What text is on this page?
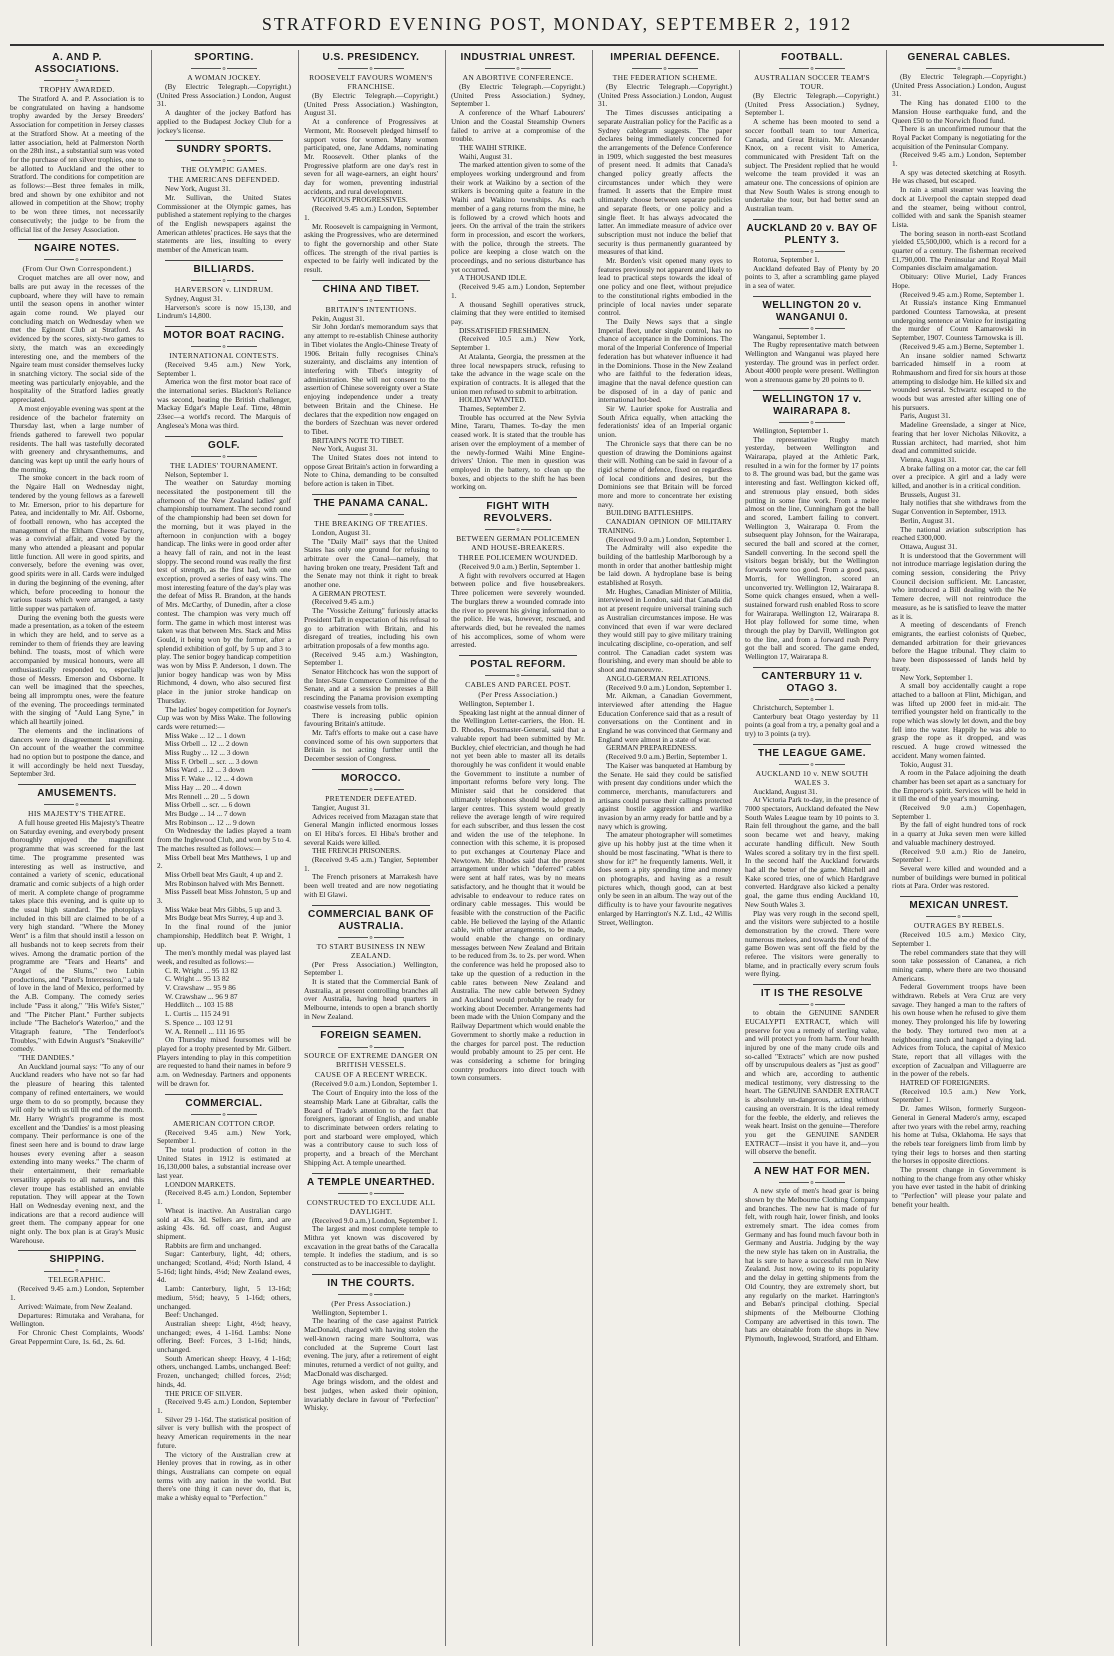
STRATFORD EVENING POST, MONDAY, SEPTEMBER 2, 1912
A. AND P. ASSOCIATIONS.
o
TROPHY AWARDED.

The Stratford A. and P. Association is to be congratulated on having a handsome trophy awarded by the Jersey Breeders' Association for competition in Jersey classes at the Stratford Show. At a meeting of the latter association, held at Palmerston North on the 28th inst., a substantial sum was voted for the purchase of ten silver trophies, one to be allotted to Auckland and the other to Stratford. The conditions for competition are as follows:—Best three females in milk, bred and shown by one exhibitor and not allowed in competition at the Show; trophy to be won three times, not necessarily consecutively; the judge to be from the official list of the Jersey Association.

NGAIRE NOTES.
o
(From Our Own Correspondent.)

Croquet matches are all over now, and balls are put away in the recesses of the cupboard, where they will have to remain until the season opens in another winter again come round. We played our concluding match on Wednesday when we met the Eginont Club at Stratford. As evidenced by the scores, sixty-two games to sixty, the match was an exceedingly interesting one, and the members of the Ngaire team must consider themselves lucky in snatching victory. The social side of the meeting was particularly enjoyable, and the hospitality of the Stratford ladies greatly appreciated.

A most enjoyable evening was spent at the residence of the bachelor fraternity on Thursday last, when a large number of friends gathered to farewell two popular residents. The hall was tastefully decorated with greenery and chrysanthemums, and dancing was kept up until the early hours of the morning.

The smoke concert in the back room of the Ngaire Hall on Wednesday night, tendered by the young fellows as a farewell to Mr. Emerson, prior to his departure for Patea, and incidentally to Mr. Alf. Osborne, of football renown, who has accepted the management of the Eltham Cheese Factory, was a convivial affair, and voted by the many who attended a pleasant and popular little function. All were in good spirits, and conversely, before the evening was over, good spirits were in all. Cards were indulged in during the beginning of the evening, after which, before proceeding to honour the various toasts which were arranged, a tasty little supper was partaken of.

During the evening both the guests were made a presentation, as a token of the esteem in which they are held, and to serve as a reminder to them of friends they are leaving behind. The toasts, most of which were accompanied by musical honours, were all enthusiastically responded to, especially those of Messrs. Emerson and Osborne. It can well be imagined that the speeches, being all impromptu ones, were the feature of the evening. The proceedings terminated with the singing of "Auld Lang Syne," in which all heartily joined.

The elements and the inclinations of dancers were in disagreement last evening. On account of the weather the committee had no option but to postpone the dance, and it will accordingly be held next Tuesday, September 3rd.

AMUSEMENTS.
o
HIS MAJESTY'S THEATRE.

A full house greeted His Majesty's Theatre on Saturday evening, and everybody present thoroughly enjoyed the magnificent programme that was screened for the last time. The programme presented was interesting as well as instructive, and contained a variety of scenic, educational dramatic and comic subjects of a high order of merit. A complete change of programme takes place this evening, and is quite up to the usual high standard. The photoplays included in this bill are claimed to be of a very high standard. "Where the Money Went" is a film that should instil a lesson on all husbands not to keep secrets from their wives. Among the dramatic portion of the programme are "Tears and Hearts" and "Angel of the Slums," two Lubin productions, and "Patel's Intercession," a tale of love in the land of Mexico, performed by the A.B. Company. The comedy series include "Pass it along," "His Wife's Sister," and "The Pitcher Plant." Further subjects include "The Bachelor's Waterloo," and the Vitagraph feature, "The Tenderfoot's Troubles," with Edwin August's "Snakeville" comedy.

"THE DANDIES."

An Auckland journal says: "To any of our Auckland readers who have not so far had the pleasure of hearing this talented company of refined entertainers, we would urge them to do so promptly, because they will only be with us till the end of the month. Mr. Harry Wright's programme is most excellent and the 'Dandies' is a most pleasing company. Their performance is one of the finest seen here and is bound to draw large houses every evening after a season extending into many weeks." The charm of their entertainment, their remarkable versatility appeals to all natures, and this clever troupe has established an enviable reputation. They will appear at the Town Hall on Wednesday evening next, and the indications are that a record audience will greet them. The company appear for one night only. The box plan is at Gray's Music Warehouse.

SHIPPING.
o
TELEGRAPHIC.

(Received 9.45 a.m.) London, September 1.

Arrived: Waimate, from New Zealand.

Departures: Rimutaka and Verahana, for Wellington.

For Chronic Chest Complaints, Woods' Great Peppermint Cure, 1s. 6d., 2s. 6d.

SPORTING.
o
A WOMAN JOCKEY.

(By Electric Telegraph.—Copyright.) (United Press Association.) London, August 31.

A daughter of the jockey Batford has applied to the Budapest Jockey Club for a jockey's license.

SUNDRY SPORTS.
o
THE OLYMPIC GAMES.
THE AMERICANS DEFENDED.

New York, August 31.

Mr. Sullivan, the United States Commissioner at the Olympic games, has published a statement replying to the charges of the English newspapers against the American athletes' practices. He says that the statements are lies, insulting to every member of the American team.

BILLIARDS.
o
HARVERSON v. LINDRUM.

Sydney, August 31.

Harverson's score is now 15,130, and Lindrum's 14,800.

MOTOR BOAT RACING.
o
INTERNATIONAL CONTESTS.

(Received 9.45 a.m.) New York, September 1.

America won the first motor boat race of the international series. Blackton's Reliance was second, beating the British challenger, Mackay Edgar's Maple Leaf. Time, 48min 23sec—a world's record. The Marquis of Anglesea's Mona was third.

GOLF.
o
THE LADIES' TOURNAMENT.

Nelson, September 1.

The weather on Saturday morning necessitated the postponement till the afternoon of the New Zealand ladies' golf championship tournament. The second round of the championship had been set down for the morning, but it was played in the afternoon in conjunction with a bogey handicap. The links were in good order after a heavy fall of rain, and not in the least sloppy. The second round was really the first test of strength, as the first had, with one exception, proved a series of easy wins. The most interesting feature of the day's play was the defeat of Miss R. Brandon, at the hands of Mrs. McCarthy, of Dunedin, after a close contest. The champion was very much off form. The game in which most interest was taken was that between Mrs. Stack and Miss Gould, it being won by the former, after a splendid exhibition of golf, by 5 up and 3 to play. The senior bogey handicap competition was won by Miss P. Anderson, 1 down. The junior bogey handicap was won by Miss Richmond, 4 down, who also secured first place in the junior stroke handicap on Thursday.

The ladies' bogey competition for Joyner's Cup was won by Miss Wake. The following cards were returned:—

Miss Wake ... 12 ... 1 down

Miss Orbell ... 12 ... 2 down

Miss Rugby ... 12 ... 3 down

Miss F. Orbell ... scr. ... 3 down

Miss Ward ... 12 ... 3 down

Miss F. Wake ... 12 ... 4 down

Miss Hay ... 20 ... 4 down

Mrs Rennell ... 20 ... 5 down

Miss Orbell ... scr. ... 6 down

Mrs Budge ... 14 ... 7 down

Mrs Robinson ... 12 ... 9 down

On Wednesday the ladies played a team from the Inglewood Club, and won by 5 to 4. The matches resulted as follows:—

Miss Orbell beat Mrs Matthews, 1 up and 2.

Miss Orbell beat Mrs Gault, 4 up and 2.

Mrs Robinson halved with Mrs Bennett.

Miss Passell beat Miss Johnston, 5 up and 3.

Miss Wake beat Mrs Gibbs, 5 up and 3.

Mrs Budge beat Mrs Surrey, 4 up and 3.

In the final round of the junior championship, Heddlitch beat P. Wright, 1 up.

The men's monthly medal was played last week, and resulted as follows:—

C. R. Wright ... 95 13 82

C. Wright ... 95 13 82

V. Crawshaw ... 95 9 86

W. Crawshaw ... 96 9 87

Heddlitch ... 103 15 88

L. Curtis ... 115 24 91

S. Spence ... 103 12 91

W. A. Rennell ... 111 16 95

On Thursday mixed foursomes will be played for a trophy presented by Mr. Gilbert. Players intending to play in this competition are requested to hand their names in before 9 a.m. on Wednesday. Partners and opponents will be drawn for.

COMMERCIAL.
o
AMERICAN COTTON CROP.

(Received 9.45 a.m.) New York, September 1.

The total production of cotton in the United States in 1912 is estimated at 16,130,000 bales, a substantial increase over last year.

LONDON MARKETS.

(Received 8.45 a.m.) London, September 1.

Wheat is inactive. An Australian cargo sold at 43s. 3d. Sellers are firm, and are asking 43s. 6d. off coast, and August shipment.

Rabbits are firm and unchanged.

Sugar: Canterbury, light, 4d; others, unchanged; Scotland, 4½d; North Island, 4 5-16d; light hinds, 4½d; New Zealand ewes, 4d.

Lamb: Canterbury, light, 5 13-16d; medium, 5½d; heavy, 5 1-16d; others, unchanged.

Beef: Unchanged.

Australian sheep: Light, 4½d; heavy, unchanged; ewes, 4 1-16d. Lambs: None offering. Beef: Forces, 3 1-16d; hinds, unchanged.

South American sheep: Heavy, 4 1-16d; others, unchanged. Lambs, unchanged. Beef: Frozen, unchanged; chilled forces, 2½d; hinds, 4d.

THE PRICE OF SILVER.

(Received 9.45 a.m.) London, September 1.

Silver 29 1-16d. The statistical position of silver is very bullish with the prospect of heavy American requirements in the near future.

The victory of the Australian crew at Henley proves that in rowing, as in other things, Australians can compete on equal terms with any nation in the world. But there's one thing it can never do, that is, make a whisky equal to "Perfection."

U.S. PRESIDENCY.
o
ROOSEVELT FAVOURS WOMEN'S FRANCHISE.

(By Electric Telegraph.—Copyright.) (United Press Association.) Washington, August 31.

At a conference of Progressives at Vermont, Mr. Roosevelt pledged himself to support votes for women. Many women participated, one, Jane Addams, nominating Mr. Roosevelt. Other planks of the Progressive platform are one day's rest in seven for all wage-earners, an eight hours' day for women, preventing industrial accidents, and rural development.

VIGOROUS PROGRESSIVES.

(Received 9.45 a.m.) London, September 1.

Mr. Roosevelt is campaigning in Vermont, asking the Progressives, who are determined to fight the governorship and other State offices. The strength of the rival parties is expected to be fairly well indicated by the result.

CHINA AND TIBET.
o
BRITAIN'S INTENTIONS.

Pekin, August 31.

Sir John Jordan's memorandum says that any attempt to re-establish Chinese authority in Tibet violates the Anglo-Chinese Treaty of 1906. Britain fully recognises China's suzerainty, and disclaims any intention of interfering with Tibet's integrity of administration. She will not consent to the assertion of Chinese sovereignty over a State enjoying independence under a treaty between Britain and the Chinese. He declares that the expedition now engaged on the borders of Szechuan was never ordered to Tibet.

BRITAIN'S NOTE TO TIBET.

New York, August 31.

The United States does not intend to oppose Great Britain's action in forwarding a Note to China, demanding to be consulted before action is taken in Tibet.

THE PANAMA CANAL.
o
THE BREAKING OF TREATIES.

London, August 31.

The "Daily Mail" says that the United States has only one ground for refusing to arbitrate over the Canal—namely, that having broken one treaty, President Taft and the Senate may not think it right to break another one.

A GERMAN PROTEST.

(Received 9.45 a.m.)

The "Vossiche Zeitung" furiously attacks President Taft in expectation of his refusal to go to arbitration with Britain, and his disregard of treaties, including his own arbitration proposals of a few months ago.

(Received 9.45 a.m.) Washington, September 1.

Senator Hitchcock has won the support of the Inter-State Commerce Committee of the Senate, and at a session he presses a Bill rescinding the Panama provision exempting coastwise vessels from tolls.

There is increasing public opinion favouring Britain's attitude.

Mr. Taft's efforts to make out a case have convinced some of his own supporters that Britain is not acting further until the December session of Congress.

MOROCCO.
o
PRETENDER DEFEATED.

Tangier, August 31.

Advices received from Mazagan state that General Mangin inflicted enormous losses on El Hiba's forces. El Hiba's brother and several Kaids were killed.

THE FRENCH PRISONERS.

(Received 9.45 a.m.) Tangier, September 1.

The French prisoners at Marrakesh have been well treated and are now negotiating with El Glawi.

COMMERCIAL BANK OF AUSTRALIA.
o
TO START BUSINESS IN NEW ZEALAND.

(Per Press Association.) Wellington, September 1.

It is stated that the Commercial Bank of Australia, at present controlling branches all over Australia, having head quarters in Melbourne, intends to open a branch shortly in New Zealand.

FOREIGN SEAMEN.
o
SOURCE OF EXTREME DANGER ON BRITISH VESSELS.
CAUSE OF A RECENT WRECK.

(Received 9.0 a.m.) London, September 1.

The Court of Enquiry into the loss of the steamship Mark Lane at Gibraltar, calls the Board of Trade's attention to the fact that foreigners, ignorant of English, and unable to discriminate between orders relating to port and starboard were employed, which was a contributory cause to such loss of property, and a breach of the Merchant Shipping Act. A temple unearthed.

A TEMPLE UNEARTHED.
o
CONSTRUCTED TO EXCLUDE ALL DAYLIGHT.

(Received 9.0 a.m.) London, September 1.

The largest and most complete temple to Mithra yet known was discovered by excavation in the great baths of the Caracalla temple. It indefies the stadium, and is so constructed as to be inaccessible to daylight.

IN THE COURTS.
o
(Per Press Association.)

Wellington, September 1.

The hearing of the case against Patrick MacDonald, charged with having stolen the well-known racing mare Soultorra, was concluded at the Supreme Court last evening. The jury, after a retirement of eight minutes, returned a verdict of not guilty, and MacDonald was discharged.

Age brings wisdom, and the oldest and best judges, when asked their opinion, invariably declare in favour of "Perfection" Whisky.

INDUSTRIAL UNREST.
o
AN ABORTIVE CONFERENCE.

(By Electric Telegraph.—Copyright.) (United Press Association.) Sydney, September 1.

A conference of the Wharf Labourers' Union and the Coastal Steamship Owners failed to arrive at a compromise of the trouble.

THE WAIHI STRIKE.

Waihi, August 31.

The marked attention given to some of the employees working underground and from their work at Waikino by a section of the strikers is becoming quite a feature in the Waihi and Waikino townships. As each member of a gang returns from the mine, he is followed by a crowd which hoots and jeers. On the arrival of the train the strikers form in procession, and escort the workers, with the police, through the streets. The police are keeping a close watch on the proceedings, and no serious disturbance has yet occurred.

A THOUSAND IDLE.

(Received 9.45 a.m.) London, September 1.

A thousand Seghill operatives struck, claiming that they were entitled to itemised pay.

DISSATISFIED FRESHMEN.

(Received 10.5 a.m.) New York, September 1.

At Atalanta, Georgia, the pressmen at the three local newspapers struck, refusing to take the advance in the wage scale on the expiration of contracts. It is alleged that the union men refused to submit to arbitration.

HOLIDAY WANTED.

Thames, September 2.

Trouble has occurred at the New Sylvia Mine, Tararu, Thames. To-day the men ceased work. It is stated that the trouble has arisen over the employment of a member of the newly-formed Waihi Mine Engine-drivers' Union. The men in question was employed in the battery, to clean up the boxes, and objects to the shift he has been working on.

FIGHT WITH REVOLVERS.
o
BETWEEN GERMAN POLICEMEN AND HOUSE-BREAKERS.
THREE POLICEMEN WOUNDED.

(Received 9.0 a.m.) Berlin, September 1.

A fight with revolvers occurred at Hagen between police and five housebreakers. Three policemen were severely wounded. The burglars threw a wounded comrade into the river to prevent his giving information to the police. He was, however, rescued, and afterwards died, but he revealed the names of his accomplices, some of whom were arrested.

POSTAL REFORM.
o
CABLES AND PARCEL POST.
(Per Press Association.)

Wellington, September 1.

Speaking last night at the annual dinner of the Wellington Letter-carriers, the Hon. H. D. Rhodes, Postmaster-General, said that a valuable report had been submitted by Mr. Buckley, chief electrician, and though he had not yet been able to master all its details thoroughly he was confident it would enable the Government to institute a number of important reforms before very long. The Minister said that he considered that ultimately telephones should be adopted in larger centres. This system would greatly relieve the average length of wire required for each subscriber, and thus lessen the cost and widen the use of the telephone. In connection with this scheme, it is proposed to put exchanges at Courtenay Place and Newtown. Mr. Rhodes said that the present arrangement under which "deferred" cables were sent at half rates, was by no means satisfactory, and he thought that it would be advisable to endeavour to reduce rates on ordinary cable messages. This would be feasible with the construction of the Pacific cable. He believed the laying of the Atlantic cable, with other arrangements, to be made, would enable the change on ordinary messages between New Zealand and Britain to be reduced from 3s. to 2s. per word. When the conference was held he proposed also to take up the question of a reduction in the cable rates between New Zealand and Australia. The new cable between Sydney and Auckland would probably be ready for working about December. Arrangements had been made with the Union Company and the Railway Department which would enable the Government to shortly make a reduction in the charges for parcel post. The reduction would probably amount to 25 per cent. He was considering a scheme for bringing country producers into direct touch with town consumers.

IMPERIAL DEFENCE.
o
THE FEDERATION SCHEME.

(By Electric Telegraph.—Copyright.) (United Press Association.) London, August 31.

The Times discusses anticipating a separate Australian policy for the Pacific as a Sydney cablegram suggests. The paper declares being immediately concerned for the arrangements of the Defence Conference in 1909, which suggested the best measures of present need. It admits that Canada's changed policy greatly affects the circumstances under which they were framed. It asserts that the Empire must ultimately choose between separate policies and separate fleets, or one policy and a single fleet. It has always advocated the latter. An immediate measure of advice over subscription must not induce the belief that security is thus permanently guaranteed by measures of that kind.

Mr. Borden's visit opened many eyes to features previously not apparent and likely to lead to practical steps towards the ideal of one policy and one fleet, without prejudice to the constitutional rights embodied in the principle of local navies under separate control.

The Daily News says that a single Imperial fleet, under single control, has no chance of acceptance in the Dominions. The moral of the Imperial Conference of Imperial federation has but whatever influence it had in the Dominions. Those in the New Zealand who are faithful to the federation ideas, imagine that the naval defence question can be disposed of in a day of panic and international hot-bed.

Sir W. Laurier spoke for Australia and South Africa equally, when attacking the federationists' idea of an Imperial organic union.

The Chronicle says that there can be no question of drawing the Dominions against their will. Nothing can be said in favour of a rigid scheme of defence, fixed on regardless of local conditions and desires, but the Dominions see that Britain will be forced more and more to concentrate her existing navy.

BUILDING BATTLESHIPS.

CANADIAN OPINION OF MILITARY TRAINING.

(Received 9.0 a.m.) London, September 1.

The Admiralty will also expedite the building of the battleship Marlborough by a month in order that another battleship might be laid down. A hydroplane base is being established at Rosyth.

Mr. Hughes, Canadian Minister of Militia, interviewed in London, said that Canada did not at present require universal training such as Australian circumstances impose. He was convinced that even if war were declared they would still pay to give military training inculcating discipline, co-operation, and self control. The Canadian cadet system was flourishing, and every man should be able to shoot and manoeuvre.

ANGLO-GERMAN RELATIONS.

(Received 9.0 a.m.) London, September 1.

Mr. Aikman, a Canadian Government, interviewed after attending the Hague Education Conference said that as a result of conversations on the Continent and in England he was convinced that Germany and England were almost in a state of war.

GERMAN PREPAREDNESS.

(Received 9.0 a.m.) Berlin, September 1.

The Kaiser was banqueted at Hamburg by the Senate. He said they could be satisfied with present day conditions under which the commerce, merchants, manufacturers and artisans could pursue their callings protected against hostile aggression and warlike invasion by an army ready for battle and by a navy which is growing.

The amateur photographer will sometimes give up his hobby just at the time when it should be most fascinating. "What is there to show for it?" he frequently laments. Well, it does seem a pity spending time and money on photographs, and having as a result pictures which, though good, can at best only be seen in an album. The way out of the difficulty is to have your favourite negatives enlarged by Harrington's N.Z. Ltd., 42 Willis Street, Wellington.

FOOTBALL.
o
AUSTRALIAN SOCCER TEAM'S TOUR.

(By Electric Telegraph.—Copyright.) (United Press Association.) Sydney, September 1.

A scheme has been mooted to send a soccer football team to tour America, Canada, and Great Britain. Mr. Alexander Knox, on a recent visit to America, communicated with President Taft on the subject. The President replied that he would welcome the team provided it was an amateur one. The concessions of opinion are that New South Wales is strong enough to undertake the tour, but had better send an Australian team.

AUCKLAND 20 v. BAY OF PLENTY 3.
o

Rotorua, September 1.

Auckland defeated Bay of Plenty by 20 points to 3, after a scrambling game played in a sea of water.

WELLINGTON 20 v. WANGANUI 0.
o

Wanganui, September 1.

The Rugby representative match between Wellington and Wanganui was played here yesterday. The ground was in perfect order. About 4000 people were present. Wellington won a strenuous game by 20 points to 0.

WELLINGTON 17 v. WAIRARAPA 8.
o

Wellington, September 1.

The representative Rugby match yesterday, between Wellington and Wairarapa, played at the Athletic Park, resulted in a win for the former by 17 points to 8. The ground was bad, but the game was interesting and fast. Wellington kicked off, and strenuous play ensued, both sides putting in some fine work. From a melee almost on the line, Cunningham got the ball and scored, Lambert failing to convert. Wellington 3, Wairarapa 0. From the subsequent play Johnson, for the Wairarapa, secured the ball and scored at the corner, Sandell converting. In the second spell the visitors began briskly, but the Wellington forwards were too good. From a good pass, Morris, for Wellington, scored an unconverted try. Wellington 12, Wairarapa 8. Some quick changes ensued, when a well-sustained forward rush enabled Ross to score for Wairarapa. Wellington 12, Wairarapa 8. Hot play followed for some time, when through the play by Darvill, Wellington got to the line, and from a forward rush Perry got the ball and scored. The game ended, Wellington 17, Wairarapa 8.

CANTERBURY 11 v. OTAGO 3.
o

Christchurch, September 1.

Canterbury beat Otago yesterday by 11 points (a goal from a try, a penalty goal and a try) to 3 points (a try).

THE LEAGUE GAME.
o
AUCKLAND 10 v. NEW SOUTH WALES 3.

Auckland, August 31.

At Victoria Park to-day, in the presence of 7000 spectators, Auckland defeated the New South Wales League team by 10 points to 3. Rain fell throughout the game, and the ball soon became wet and heavy, making accurate handling difficult. New South Wales scored a solitary try in the first spell. In the second half the Auckland forwards had all the better of the game. Mitchell and Kake scored tries, one of which Hardgrave converted. Hardgrave also kicked a penalty goal, the game thus ending Auckland 10, New South Wales 3.

Play was very rough in the second spell, and the visitors were subjected to a hostile demonstration by the crowd. There were numerous melees, and towards the end of the game Bowen was sent off the field by the referee. The visitors were generally to blame, and in practically every scrum fouls were flying.

IT IS THE RESOLVE
o

to obtain the GENUINE SANDER EUCALYPTI EXTRACT, which will preserve for you a remedy of sterling value, and will protect you from harm. Your health injured by one of the many crude oils and so-called "Extracts" which are now pushed off by unscrupulous dealers as "just as good" and which are, according to authentic medical testimony, very distressing to the heart. The GENUINE SANDER EXTRACT is absolutely un-dangerous, acting without causing an overstrain. It is the ideal remedy for the feeble, the elderly, and relieves the weak heart. Insist on the genuine—Therefore you get the GENUINE SANDER EXTRACT—insist it you have it, and—you will observe the benefit.

A NEW HAT FOR MEN.
o

A new style of men's head gear is being shown by the Melbourne Clothing Company and branches. The new hat is made of fur felt, with rough hair, lower finish, and looks extremely smart. The idea comes from Germany and has found much favour both in Germany and Austria. Judging by the way the new style has taken on in Australia, the hat is sure to have a successful run in New Zealand. Just now, owing to its popularity and the delay in getting shipments from the Old Country, they are extremely short, but any regularly on the market. Harrington's and Beban's principal clothing. Special shipments of the Melbourne Clothing Company are advertised in this town. The hats are obtainable from the shops in New Plymouth, Inglewood, Stratford, and Eltham.

GENERAL CABLES.
o

(By Electric Telegraph.—Copyright.) (United Press Association.) London, August 31.

The King has donated £100 to the Mansion House earthquake fund, and the Queen £50 to the Norwich flood fund.

There is an unconfirmed rumour that the Royal Packet Company is negotiating for the acquisition of the Peninsular Company.

(Received 9.45 a.m.) London, September 1.

A spy was detected sketching at Rosyth. He was chased, but escaped.

In rain a small steamer was leaving the dock at Liverpool the captain stepped dead and the steamer, being without control, collided with and sank the Spanish steamer Lista.

The boring season in north-east Scotland yielded £5,500,000, which is a record for a quarter of a century. The fisherman received £1,790,000. The Peninsular and Royal Mail Companies disclaim amalgamation.

Obituary: Olive Muriel, Lady Frances Hope.

(Received 9.45 a.m.) Rome, September 1.

At Russia's instance King Emmanuel pardoned Countess Tarnowska, at present undergoing sentence at Venice for instigating the murder of Count Kamarowski in September, 1907. Countess Tarnowska is ill.

(Received 9.45 a.m.) Berne, September 1.

An insane soldier named Schwartz barricaded himself in a room at Rohmaushorn and fired for six hours at those attempting to dislodge him. He killed six and wounded several. Schwartz escaped to the woods but was arrested after killing one of his pursuers.

Paris, August 31.

Madeline Greenslade, a singer at Nice, fearing that her lover Nicholas Nikovitz, a Russian architect, had married, shot him dead and committed suicide.

Vienna, August 31.

A brake falling on a motor car, the car fell over a precipice. A girl and a lady were killed, and another is in a critical condition.

Brussels, August 31.

Italy notifies that she withdraws from the Sugar Convention in September, 1913.

Berlin, August 31.

The national aviation subscription has reached £300,000.

Ottawa, August 31.

It is understood that the Government will not introduce marriage legislation during the coming session, considering the Privy Council decision sufficient. Mr. Lancaster, who introduced a Bill dealing with the Ne Temere decree, will not reintroduce the measure, as he is satisfied to leave the matter as it is.

A meeting of descendants of French emigrants, the earliest colonists of Quebec, demanded arbitration for their grievances before the Hague tribunal. They claim to have been dispossessed of lands held by treaty.

New York, September 1.

A small boy accidentally caught a rope attached to a balloon at Flint, Michigan, and was lifted up 2000 feet in mid-air. The terrified youngster held on frantically to the rope which was slowly let down, and the boy fell into the water. Happily he was able to grasp the rope as it dropped, and was rescued. A huge crowd witnessed the accident. Many women fainted.

Tokio, August 31.

A room in the Palace adjoining the death chamber has been set apart as a sanctuary for the Emperor's spirit. Services will be held in it till the end of the year's mourning.

(Received 9.0 a.m.) Copenhagen, September 1.

By the fall of eight hundred tons of rock in a quarry at Juka seven men were killed and valuable machinery destroyed.

(Received 9.0 a.m.) Rio de Janeiro, September 1.

Several were killed and wounded and a number of buildings were burned in political riots at Para. Order was restored.

MEXICAN UNREST.
o
OUTRAGES BY REBELS.

(Received 10.5 a.m.) Mexico City, September 1.

The rebel commanders state that they will soon take possession of Cananea, a rich mining camp, where there are two thousand Americans.

Federal Government troops have been withdrawn. Rebels at Vera Cruz are very savage. They hanged a man to the rafters of his own house when he refused to give them money. They prolonged his life by lowering the body. They tortured two men at a neighbouring ranch and hanged a dying lad. Advices from Toluca, the capital of Mexico State, report that all villages with the exception of Zacualpan and Villaguerre are in the power of the rebels.

HATRED OF FOREIGNERS.

(Received 10.5 a.m.) New York, September 1.

Dr. James Wilson, formerly Surgeon-General in General Madero's army, escaped after two years with the rebel army, reaching his home at Tulsa, Oklahoma. He says that the rebels tear foreigners limb from limb by tying their legs to horses and then starting the horses in opposite directions.

The present change in Government is nothing to the change from any other whisky you have ever tasted in the habit of drinking to "Perfection" will please your palate and benefit your health.
